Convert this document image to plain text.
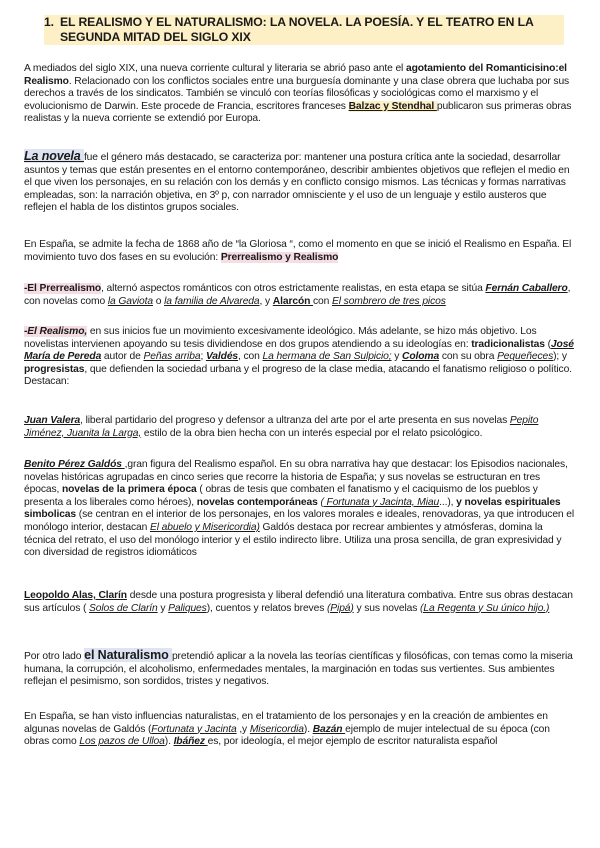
1. EL REALISMO Y EL NATURALISMO: LA NOVELA. LA POESÍA. Y EL TEATRO EN LA SEGUNDA MITAD DEL SIGLO XIX

A mediados del siglo XIX, una nueva corriente cultural y literaria se abrió paso ante el agotamiento del Romanticisino:el Realismo. Relacionado con los conflictos sociales entre una burguesía dominante y una clase obrera que luchaba por sus derechos a través de los sindicatos. También se vinculó con teorías filosóficas y sociológicas como el marxismo y el evolucionismo de Darwin. Este procede de Francia, escritores franceses Balzac y Stendhal publicaron sus primeras obras realistas y la nueva corriente se extendió por Europa.

La novela fue el género más destacado, se caracteriza por: mantener una postura crítica ante la sociedad, desarrollar asuntos y temas que están presentes en el entorno contemporáneo, describir ambientes objetivos que reflejen el medio en el que viven los personajes, en su relación con los demás y en conflicto consigo mismos. Las técnicas y formas narrativas empleadas, son: la narración objetiva, en 3º p, con narrador omnisciente y el uso de un lenguaje y estilo austeros que reflejen el habla de los distintos grupos sociales.

En España, se admite la fecha de 1868 año de “la Gloriosa “, como el momento en que se inició el Realismo en España. El movimiento tuvo dos fases en su evolución: Prerrealismo y Realismo

-El Prerrealismo, alternó aspectos románticos con otros estrictamente realistas, en esta etapa se sitúa Fernán Caballero, con novelas como la Gaviota o la familia de Alvareda, y Alarcón con El sombrero de tres picos

-El Realismo, en sus inicios fue un movimiento excesivamente ideológico. Más adelante, se hizo más objetivo. Los novelistas intervienen apoyando su tesis dividiendose en dos grupos atendiendo a su ideologías en: tradicionalistas (José María de Pereda autor de Peñas arriba; Valdés, con La hermana de San Sulpicio; y Coloma con su obra Pequeñeces); y progresistas, que defienden la sociedad urbana y el progreso de la clase media, atacando el fanatismo religioso o político. Destacan:

Juan Valera, liberal partidario del progreso y defensor a ultranza del arte por el arte presenta en sus novelas Pepito Jiménez, Juanita la Larga, estilo de la obra bien hecha con un interés especial por el relato psicológico.

Benito Pérez Galdós ,gran figura del Realismo español. En su obra narrativa hay que destacar: los Episodios nacionales, novelas históricas agrupadas en cinco series que recorre la historia de España; y sus novelas se estructuran en tres épocas, novelas de la primera época ( obras de tesis que combaten el fanatismo y el caciquismo de los pueblos y presenta a los liberales como héroes), novelas contemporáneas ( Fortunata y Jacinta, Miau...), y novelas espirituales simbolicas (se centran en el interior de los personajes, en los valores morales e ideales, renovadoras, ya que introducen el monólogo interior, destacan El abuelo y Misericordia) Galdós destaca por recrear ambientes y atmósferas, domina la técnica del retrato, el uso del monólogo interior y el estilo indirecto libre. Utiliza una prosa sencilla, de gran expresividad y con diversidad de registros idiomáticos

Leopoldo Alas, Clarín desde una postura progresista y liberal defendió una literatura combativa. Entre sus obras destacan sus artículos ( Solos de Clarín y Paliques), cuentos y relatos breves (Pipá) y sus novelas (La Regenta y Su único hijo.)

Por otro lado el Naturalismo pretendió aplicar a la novela las teorías científicas y filosóficas, con temas como la miseria humana, la corrupción, el alcoholismo, enfermedades mentales, la marginación en todas sus vertientes. Sus ambientes reflejan el pesimismo, son sordidos, tristes y negativos.

En España, se han visto influencias naturalistas, en el tratamiento de los personajes y en la creación de ambientes en algunas novelas de Galdós (Fortunata y Jacinta ,y Misericordia). Bazán ejemplo de mujer intelectual de su época (con obras como Los pazos de Ulloa). Ibáñez es, por ideología, el mejor ejemplo de escritor naturalista español
